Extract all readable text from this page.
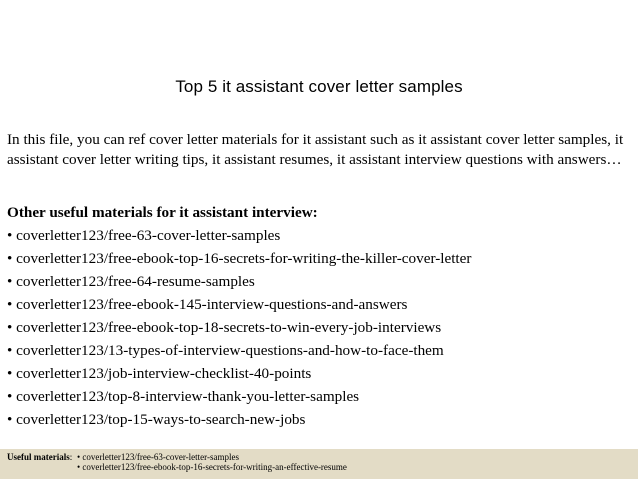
Top 5 it assistant cover letter samples

In this file, you can ref cover letter materials for it assistant such as it assistant cover letter samples, it assistant cover letter writing tips, it assistant resumes, it assistant interview questions with answers…

Other useful materials for it assistant interview:

• coverletter123/free-63-cover-letter-samples
• coverletter123/free-ebook-top-16-secrets-for-writing-the-killer-cover-letter
• coverletter123/free-64-resume-samples
• coverletter123/free-ebook-145-interview-questions-and-answers
• coverletter123/free-ebook-top-18-secrets-to-win-every-job-interviews
• coverletter123/13-types-of-interview-questions-and-how-to-face-them
• coverletter123/job-interview-checklist-40-points
• coverletter123/top-8-interview-thank-you-letter-samples
• coverletter123/top-15-ways-to-search-new-jobs
Useful materials: • coverletter123/free-63-cover-letter-samples
• coverletter123/free-ebook-top-16-secrets-for-writing-an-effective-resume
